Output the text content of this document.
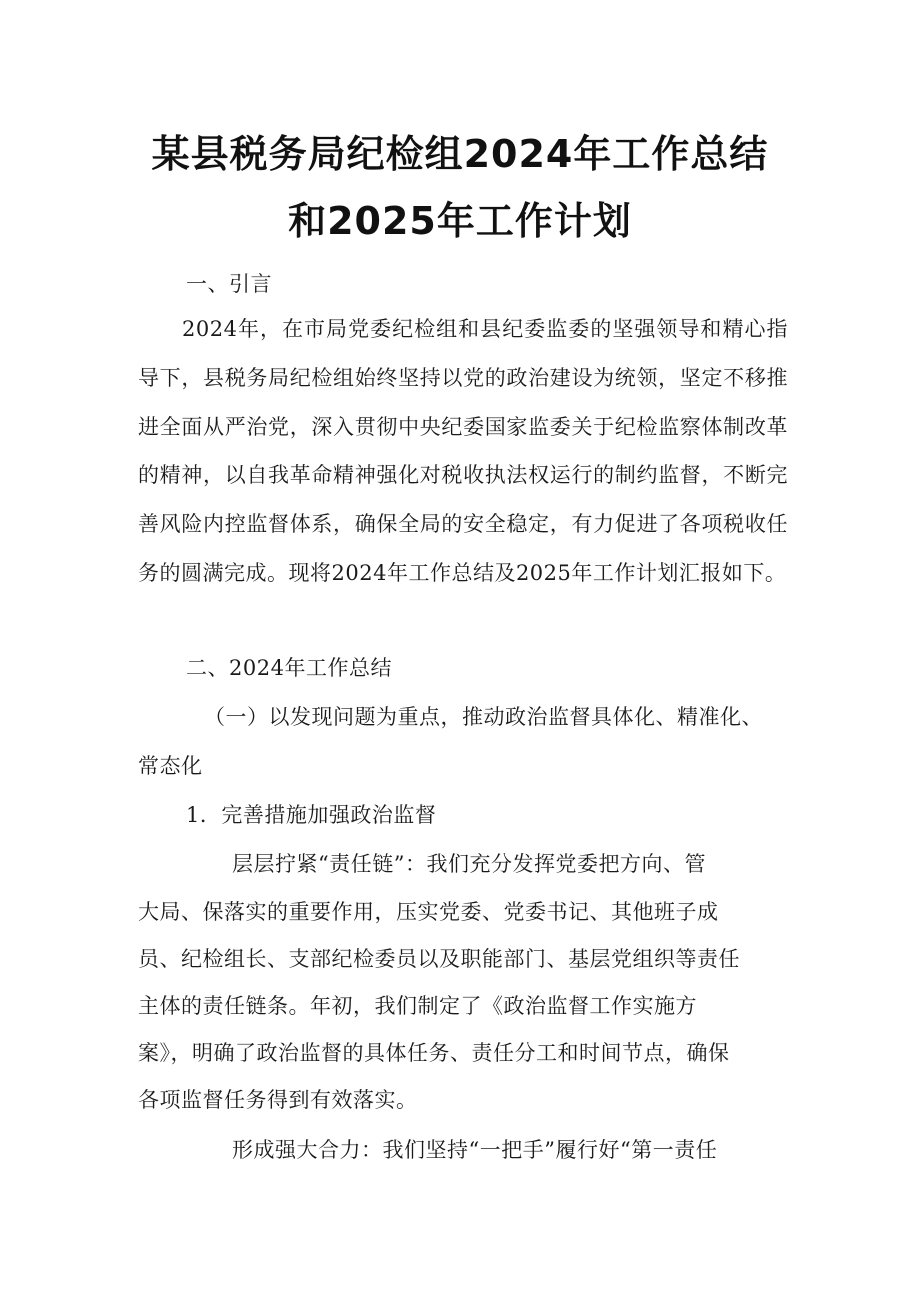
某县税务局纪检组2024年工作总结
和2025年工作计划
一、引言
2024年，在市局党委纪检组和县纪委监委的坚强领导和精心指导下，县税务局纪检组始终坚持以党的政治建设为统领，坚定不移推进全面从严治党，深入贯彻中央纪委国家监委关于纪检监察体制改革的精神，以自我革命精神强化对税收执法权运行的制约监督，不断完善风险内控监督体系，确保全局的安全稳定，有力促进了各项税收任务的圆满完成。现将2024年工作总结及2025年工作计划汇报如下。
二、2024年工作总结
（一）以发现问题为重点，推动政治监督具体化、精准化、
常态化
1．完善措施加强政治监督
层层拧紧“责任链”：我们充分发挥党委把方向、管
大局、保落实的重要作用，压实党委、党委书记、其他班子成
员、纪检组长、支部纪检委员以及职能部门、基层党组织等责任
主体的责任链条。年初，我们制定了《政治监督工作实施方
案》，明确了政治监督的具体任务、责任分工和时间节点，确保
各项监督任务得到有效落实。
形成强大合力：我们坚持“一把手”履行好“第一责任
